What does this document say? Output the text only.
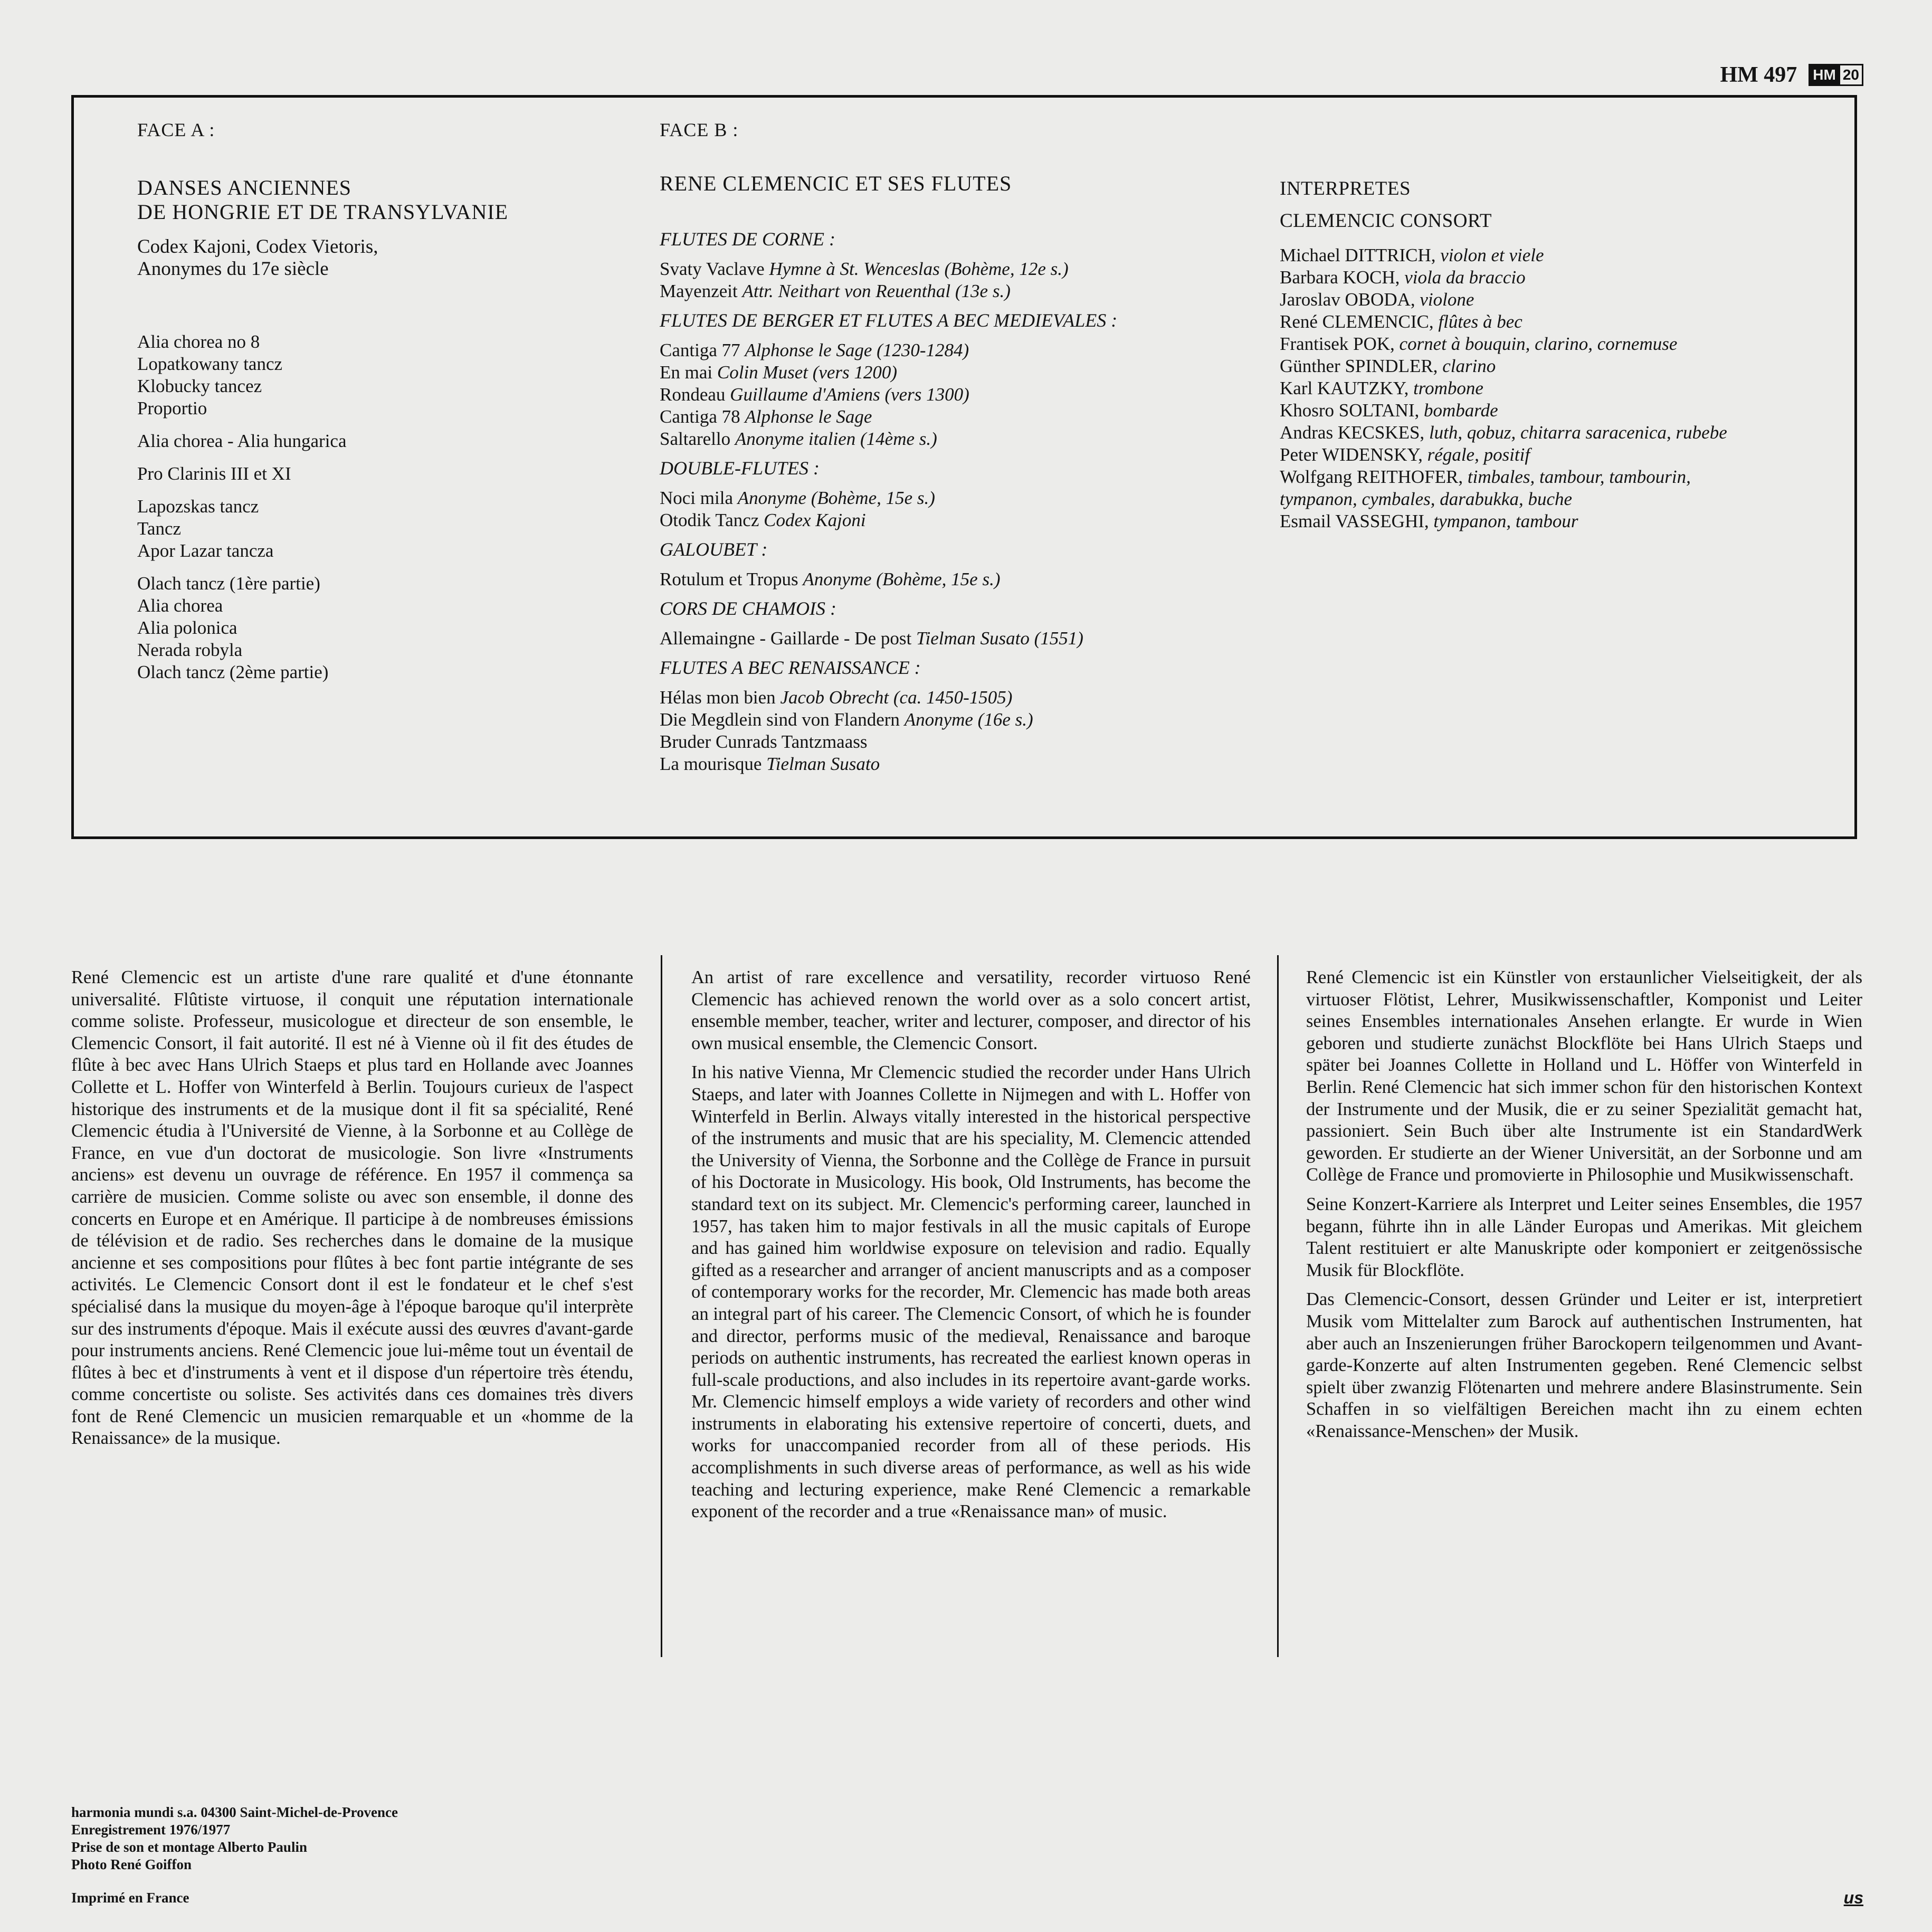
HM 497 HM 20
FACE A :
DANSES ANCIENNES
DE HONGRIE ET DE TRANSYLVANIE
Codex Kajoni, Codex Vietoris,
Anonymes du 17e siècle
Alia chorea no 8
Lopatkowany tancz
Klobucky tancez
Proportio
Alia chorea - Alia hungarica
Pro Clarinis III et XI
Lapozskas tancz
Tancz
Apor Lazar tancza
Olach tancz (1ère partie)
Alia chorea
Alia polonica
Nerada robyla
Olach tancz (2ème partie)
FACE B :
RENE CLEMENCIC ET SES FLUTES
FLUTES DE CORNE :
Svaty Vaclave Hymne à St. Wenceslas (Bohème, 12e s.)
Mayenzeit Attr. Neithart von Reuenthal (13e s.)
FLUTES DE BERGER ET FLUTES A BEC MEDIEVALES :
Cantiga 77 Alphonse le Sage (1230-1284)
En mai Colin Muset (vers 1200)
Rondeau Guillaume d'Amiens (vers 1300)
Cantiga 78 Alphonse le Sage
Saltarello Anonyme italien (14ème s.)
DOUBLE-FLUTES :
Noci mila Anonyme (Bohème, 15e s.)
Otodik Tancz Codex Kajoni
GALOUBET :
Rotulum et Tropus Anonyme (Bohème, 15e s.)
CORS DE CHAMOIS :
Allemaingne - Gaillarde - De post Tielman Susato (1551)
FLUTES A BEC RENAISSANCE :
Hélas mon bien Jacob Obrecht (ca. 1450-1505)
Die Megdlein sind von Flandern Anonyme (16e s.)
Bruder Cunrads Tantzmaass
La mourisque Tielman Susato
INTERPRETES
CLEMENCIC CONSORT
Michael DITTRICH, violon et viele
Barbara KOCH, viola da braccio
Jaroslav OBODA, violone
René CLEMENCIC, flûtes à bec
Frantisek POK, cornet à bouquin, clarino, cornemuse
Günther SPINDLER, clarino
Karl KAUTZKY, trombone
Khosro SOLTANI, bombarde
Andras KECSKES, luth, qobuz, chitarra saracenica, rubebe
Peter WIDENSKY, régale, positif
Wolfgang REITHOFER, timbales, tambour, tambourin,
tympanon, cymbales, darabukka, buche
Esmail VASSEGHI, tympanon, tambour

René Clemencic est un artiste d'une rare qualité et d'une étonnante universalité. Flûtiste virtuose, il conquit une réputation internationale comme soliste. Professeur, musicologue et directeur de son ensemble, le Clemencic Consort, il fait autorité. Il est né à Vienne où il fit des études de flûte à bec avec Hans Ulrich Staeps et plus tard en Hollande avec Joannes Collette et L. Hoffer von Winterfeld à Berlin. Toujours curieux de l'aspect historique des instruments et de la musique dont il fit sa spécialité, René Clemencic étudia à l'Université de Vienne, à la Sorbonne et au Collège de France, en vue d'un doctorat de musicologie. Son livre «Instruments anciens» est devenu un ouvrage de référence. En 1957 il commença sa carrière de musicien. Comme soliste ou avec son ensemble, il donne des concerts en Europe et en Amérique. Il participe à de nombreuses émissions de télévision et de radio. Ses recherches dans le domaine de la musique ancienne et ses compositions pour flûtes à bec font partie intégrante de ses activités. Le Clemencic Consort dont il est le fondateur et le chef s'est spécialisé dans la musique du moyen-âge à l'époque baroque qu'il interprète sur des instruments d'époque. Mais il exécute aussi des œuvres d'avant-garde pour instruments anciens. René Clemencic joue lui-même tout un éventail de flûtes à bec et d'instruments à vent et il dispose d'un répertoire très étendu, comme concertiste ou soliste. Ses activités dans ces domaines très divers font de René Clemencic un musicien remarquable et un «homme de la Renaissance» de la musique.

An artist of rare excellence and versatility, recorder virtuoso René Clemencic has achieved renown the world over as a solo concert artist, ensemble member, teacher, writer and lecturer, composer, and director of his own musical ensemble, the Clemencic Consort.

In his native Vienna, Mr Clemencic studied the recorder under Hans Ulrich Staeps, and later with Joannes Collette in Nijmegen and with L. Hoffer von Winterfeld in Berlin. Always vitally interested in the historical perspective of the instruments and music that are his speciality, M. Clemencic attended the University of Vienna, the Sorbonne and the Collège de France in pursuit of his Doctorate in Musicology. His book, Old Instruments, has become the standard text on its subject. Mr. Clemencic's performing career, launched in 1957, has taken him to major festivals in all the music capitals of Europe and has gained him worldwise exposure on television and radio. Equally gifted as a researcher and arranger of ancient manuscripts and as a composer of contemporary works for the recorder, Mr. Clemencic has made both areas an integral part of his career. The Clemencic Consort, of which he is founder and director, performs music of the medieval, Renaissance and baroque periods on authentic instruments, has recreated the earliest known operas in full-scale productions, and also includes in its repertoire avant-garde works. Mr. Clemencic himself employs a wide variety of recorders and other wind instruments in elaborating his extensive repertoire of concerti, duets, and works for unaccompanied recorder from all of these periods. His accomplishments in such diverse areas of performance, as well as his wide teaching and lecturing experience, make René Clemencic a remarkable exponent of the recorder and a true «Renaissance man» of music.

René Clemencic ist ein Künstler von erstaunlicher Vielseitigkeit, der als virtuoser Flötist, Lehrer, Musikwissenschaftler, Komponist und Leiter seines Ensembles internationales Ansehen erlangte. Er wurde in Wien geboren und studierte zunächst Blockflöte bei Hans Ulrich Staeps und später bei Joannes Collette in Holland und L. Höffer von Winterfeld in Berlin. René Clemencic hat sich immer schon für den historischen Kontext der Instrumente und der Musik, die er zu seiner Spezialität gemacht hat, passioniert. Sein Buch über alte Instrumente ist ein StandardWerk geworden. Er studierte an der Wiener Universität, an der Sorbonne und am Collège de France und promovierte in Philosophie und Musikwissenschaft.

Seine Konzert-Karriere als Interpret und Leiter seines Ensembles, die 1957 begann, führte ihn in alle Länder Europas und Amerikas. Mit gleichem Talent restituiert er alte Manuskripte oder komponiert er zeitgenössische Musik für Blockflöte.

Das Clemencic-Consort, dessen Gründer und Leiter er ist, interpretiert Musik vom Mittelalter zum Barock auf authentischen Instrumenten, hat aber auch an Inszenierungen früher Barockopern teilgenommen und Avant-garde-Konzerte auf alten Instrumenten gegeben. René Clemencic selbst spielt über zwanzig Flötenarten und mehrere andere Blasinstrumente. Sein Schaffen in so vielfältigen Bereichen macht ihn zu einem echten «Renaissance-Menschen» der Musik.

harmonia mundi s.a. 04300 Saint-Michel-de-Provence
Enregistrement 1976/1977
Prise de son et montage Alberto Paulin
Photo René Goiffon
Imprimé en France	us
